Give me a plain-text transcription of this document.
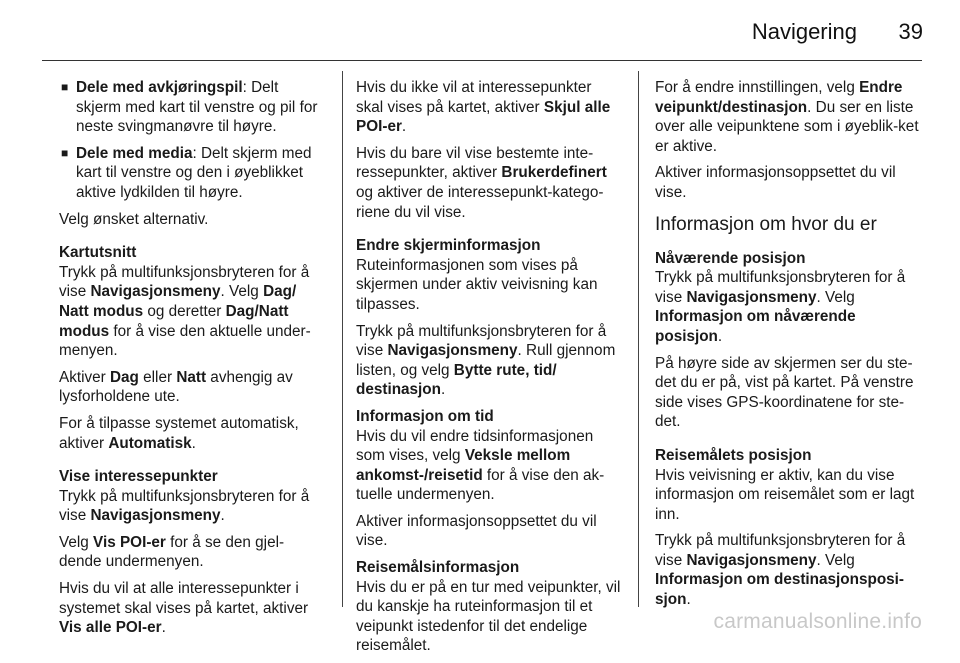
Navigering 39
■ Dele med avkjøringspil: Delt skjerm med kart til venstre og pil for neste svingmanøvre til høyre.
■ Dele med media: Delt skjerm med kart til venstre og den i øyeblikket aktive lydkilden til høyre.

Velg ønsket alternativ.

Kartutsnitt

Trykk på multifunksjonsbryteren for å vise Navigasjonsmeny. Velg Dag/ Natt modus og deretter Dag/Natt modus for å vise den aktuelle under-menyen.

Aktiver Dag eller Natt avhengig av lysforholdene ute.

For å tilpasse systemet automatisk, aktiver Automatisk.

Vise interessepunkter

Trykk på multifunksjonsbryteren for å vise Navigasjonsmeny.

Velg Vis POI-er for å se den gjel-dende undermenyen.

Hvis du vil at alle interessepunkter i systemet skal vises på kartet, aktiver Vis alle POI-er.

Hvis du ikke vil at interessepunkter skal vises på kartet, aktiver Skjul alle POI-er.

Hvis du bare vil vise bestemte inte-ressepunkter, aktiver Brukerdefinert og aktiver de interessepunkt-katego-riene du vil vise.

Endre skjerminformasjon

Ruteinformasjonen som vises på skjermen under aktiv veivisning kan tilpasses.

Trykk på multifunksjonsbryteren for å vise Navigasjonsmeny. Rull gjennom listen, og velg Bytte rute, tid/ destinasjon.

Informasjon om tid

Hvis du vil endre tidsinformasjonen som vises, velg Veksle mellom ankomst-/reisetid for å vise den ak-tuelle undermenyen.

Aktiver informasjonsoppsettet du vil vise.

Reisemålsinformasjon

Hvis du er på en tur med veipunkter, vil du kanskje ha ruteinformasjon til et veipunkt istedenfor til det endelige reisemålet.

For å endre innstillingen, velg Endre veipunkt/destinasjon. Du ser en liste over alle veipunktene som i øyeblik-ket er aktive.

Aktiver informasjonsoppsettet du vil vise.

Informasjon om hvor du er
Nåværende posisjon

Trykk på multifunksjonsbryteren for å vise Navigasjonsmeny. Velg Informasjon om nåværende posisjon.

På høyre side av skjermen ser du ste-det du er på, vist på kartet. På venstre side vises GPS-koordinatene for ste-det.

Reisemålets posisjon

Hvis veivisning er aktiv, kan du vise informasjon om reisemålet som er lagt inn.

Trykk på multifunksjonsbryteren for å vise Navigasjonsmeny. Velg Informasjon om destinasjonsposi-sjon.

carmanualsonline.info
